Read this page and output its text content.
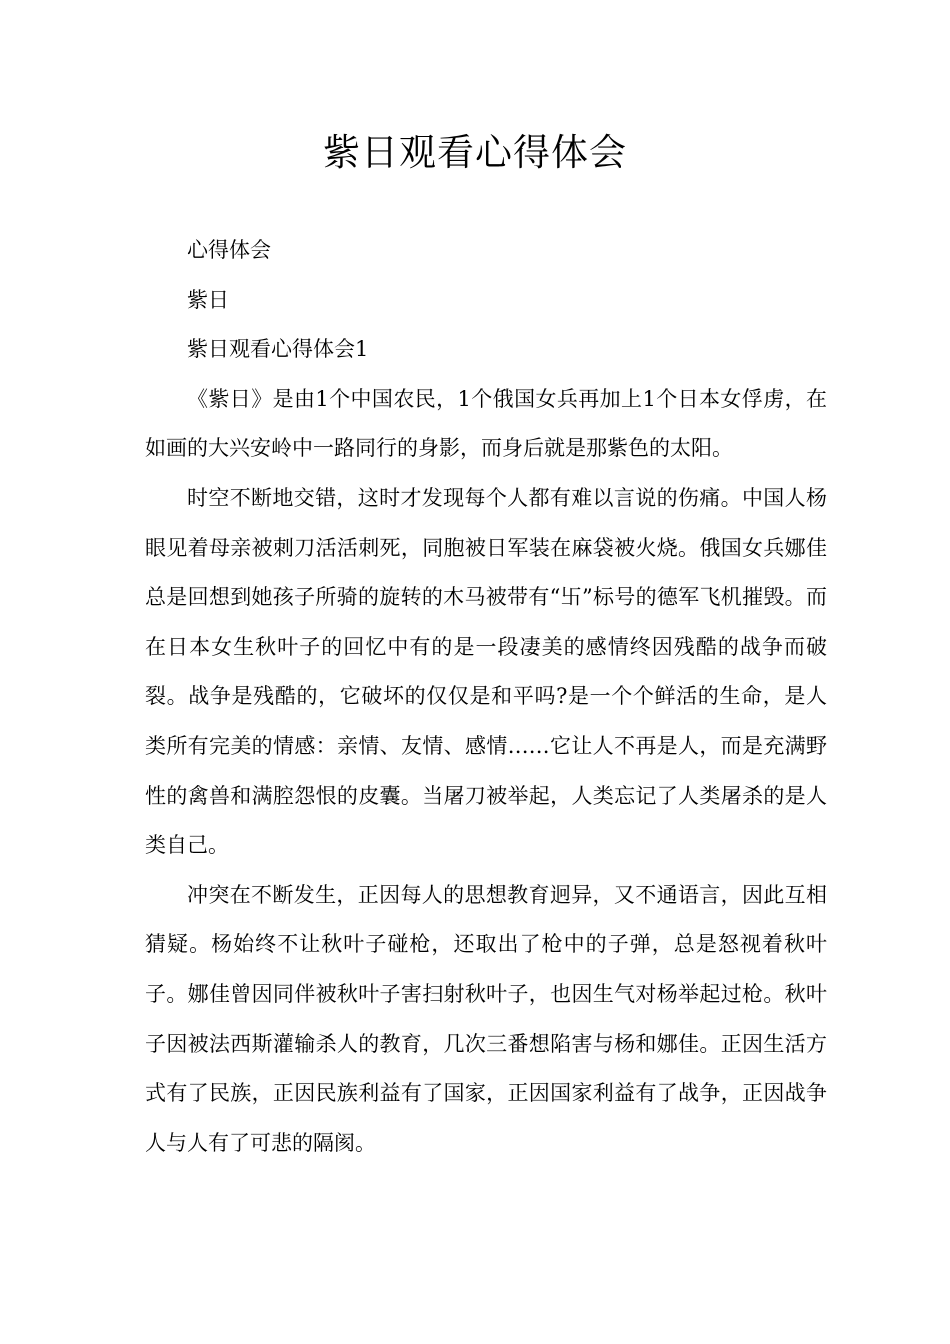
紫日观看心得体会

心得体会

紫日

紫日观看心得体会1

《紫日》是由1个中国农民，1个俄国女兵再加上1个日本女俘虏，在如画的大兴安岭中一路同行的身影，而身后就是那紫色的太阳。

时空不断地交错，这时才发现每个人都有难以言说的伤痛。中国人杨眼见着母亲被刺刀活活刺死，同胞被日军装在麻袋被火烧。俄国女兵娜佳总是回想到她孩子所骑的旋转的木马被带有“卐”标号的德军飞机摧毁。而在日本女生秋叶子的回忆中有的是一段凄美的感情终因残酷的战争而破裂。战争是残酷的，它破坏的仅仅是和平吗?是一个个鲜活的生命，是人类所有完美的情感：亲情、友情、感情……它让人不再是人，而是充满野性的禽兽和满腔怨恨的皮囊。当屠刀被举起，人类忘记了人类屠杀的是人类自己。

冲突在不断发生，正因每人的思想教育迥异，又不通语言，因此互相猜疑。杨始终不让秋叶子碰枪，还取出了枪中的子弹，总是怒视着秋叶子。娜佳曾因同伴被秋叶子害扫射秋叶子，也因生气对杨举起过枪。秋叶子因被法西斯灌输杀人的教育，几次三番想陷害与杨和娜佳。正因生活方式有了民族，正因民族利益有了国家，正因国家利益有了战争，正因战争人与人有了可悲的隔阂。
